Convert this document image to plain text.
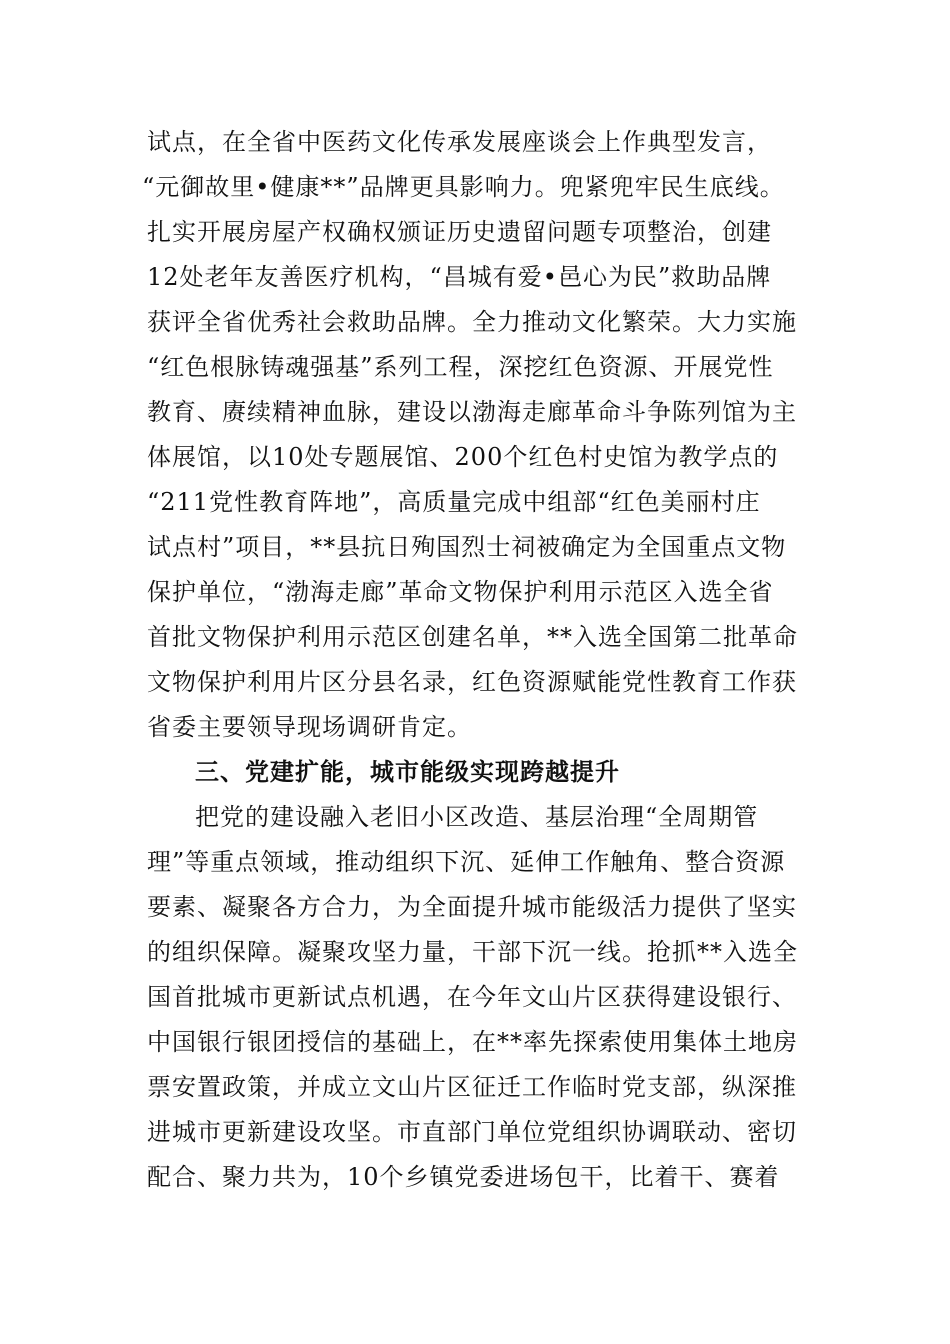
试点，在全省中医药文化传承发展座谈会上作典型发言，
“元御故里•健康**”品牌更具影响力。兜紧兜牢民生底线。
扎实开展房屋产权确权颁证历史遗留问题专项整治，创建
12处老年友善医疗机构，“昌城有爱•邑心为民”救助品牌
获评全省优秀社会救助品牌。全力推动文化繁荣。大力实施
“红色根脉铸魂强基”系列工程，深挖红色资源、开展党性
教育、赓续精神血脉，建设以渤海走廊革命斗争陈列馆为主
体展馆，以10处专题展馆、200个红色村史馆为教学点的
“211党性教育阵地”，高质量完成中组部“红色美丽村庄
试点村”项目，**县抗日殉国烈士祠被确定为全国重点文物
保护单位，“渤海走廊”革命文物保护利用示范区入选全省
首批文物保护利用示范区创建名单，**入选全国第二批革命
文物保护利用片区分县名录，红色资源赋能党性教育工作获
省委主要领导现场调研肯定。
三、党建扩能，城市能级实现跨越提升
把党的建设融入老旧小区改造、基层治理“全周期管
理”等重点领域，推动组织下沉、延伸工作触角、整合资源
要素、凝聚各方合力，为全面提升城市能级活力提供了坚实
的组织保障。凝聚攻坚力量，干部下沉一线。抢抓**入选全
国首批城市更新试点机遇，在今年文山片区获得建设银行、
中国银行银团授信的基础上，在**率先探索使用集体土地房
票安置政策，并成立文山片区征迁工作临时党支部，纵深推
进城市更新建设攻坚。市直部门单位党组织协调联动、密切
配合、聚力共为，10个乡镇党委进场包干，比着干、赛着
